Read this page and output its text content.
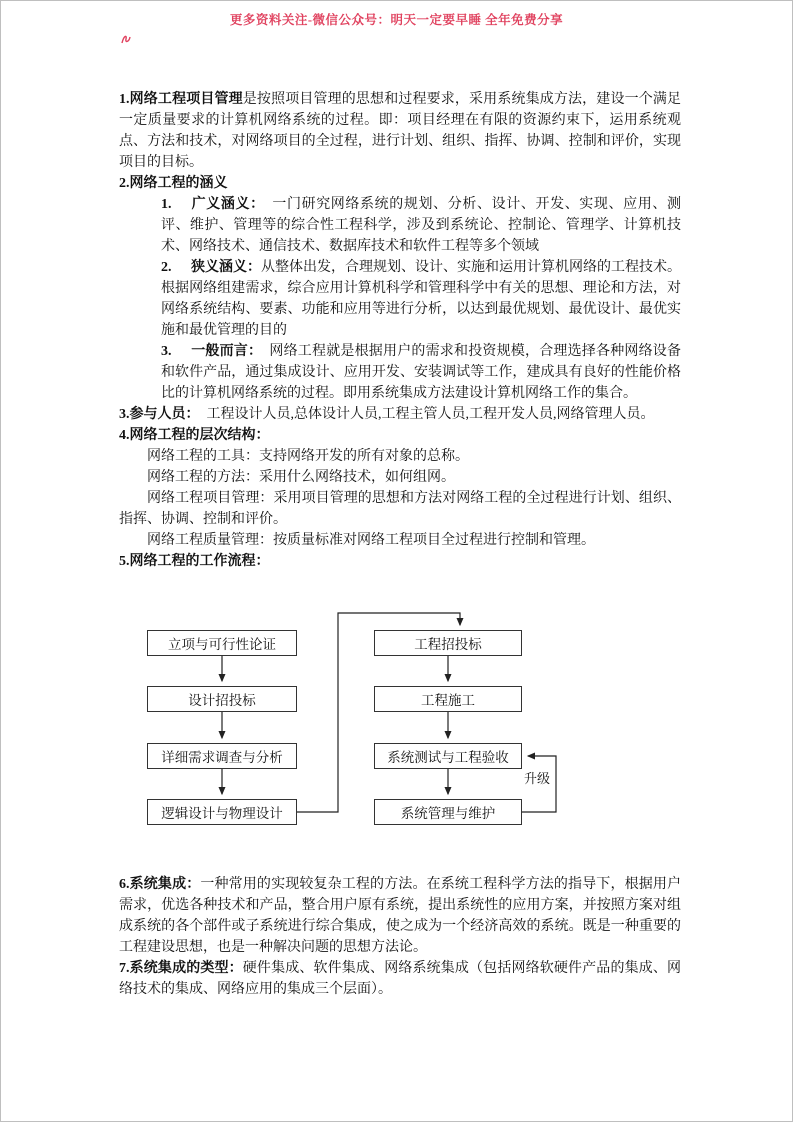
更多资料关注-微信公众号：明天一定要早睡 全年免费分享

1.网络工程项目管理是按照项目管理的思想和过程要求，采用系统集成方法，建设一个满足一定质量要求的计算机网络系统的过程。即：项目经理在有限的资源约束下，运用系统观点、方法和技术，对网络项目的全过程，进行计划、组织、指挥、协调、控制和评价，实现项目的目标。

2.网络工程的涵义

1. 广义涵义：　一门研究网络系统的规划、分析、设计、开发、实现、应用、测评、维护、管理等的综合性工程科学，涉及到系统论、控制论、管理学、计算机技术、网络技术、通信技术、数据库技术和软件工程等多个领域
2. 狭义涵义：从整体出发，合理规划、设计、实施和运用计算机网络的工程技术。根据网络组建需求，综合应用计算机科学和管理科学中有关的思想、理论和方法，对网络系统结构、要素、功能和应用等进行分析，以达到最优规划、最优设计、最优实施和最优管理的目的
3. 一般而言：　网络工程就是根据用户的需求和投资规模，合理选择各种网络设备和软件产品，通过集成设计、应用开发、安装调试等工作，建成具有良好的性能价格比的计算机网络系统的过程。即用系统集成方法建设计算机网络工作的集合。

3.参与人员：　工程设计人员,总体设计人员,工程主管人员,工程开发人员,网络管理人员。

4.网络工程的层次结构：

网络工程的工具：支持网络开发的所有对象的总称。

网络工程的方法：采用什么网络技术，如何组网。

网络工程项目管理：采用项目管理的思想和方法对网络工程的全过程进行计划、组织、指挥、协调、控制和评价。

网络工程质量管理：按质量标准对网络工程项目全过程进行控制和管理。

5.网络工程的工作流程：

立项与可行性论证
设计招投标
详细需求调查与分析
逻辑设计与物理设计
工程招投标
工程施工
系统测试与工程验收
系统管理与维护
升级

6.系统集成：一种常用的实现较复杂工程的方法。在系统工程科学方法的指导下，根据用户需求，优选各种技术和产品，整合用户原有系统，提出系统性的应用方案，并按照方案对组成系统的各个部件或子系统进行综合集成，使之成为一个经济高效的系统。既是一种重要的工程建设思想，也是一种解决问题的思想方法论。

7.系统集成的类型：硬件集成、软件集成、网络系统集成（包括网络软硬件产品的集成、网络技术的集成、网络应用的集成三个层面）。
